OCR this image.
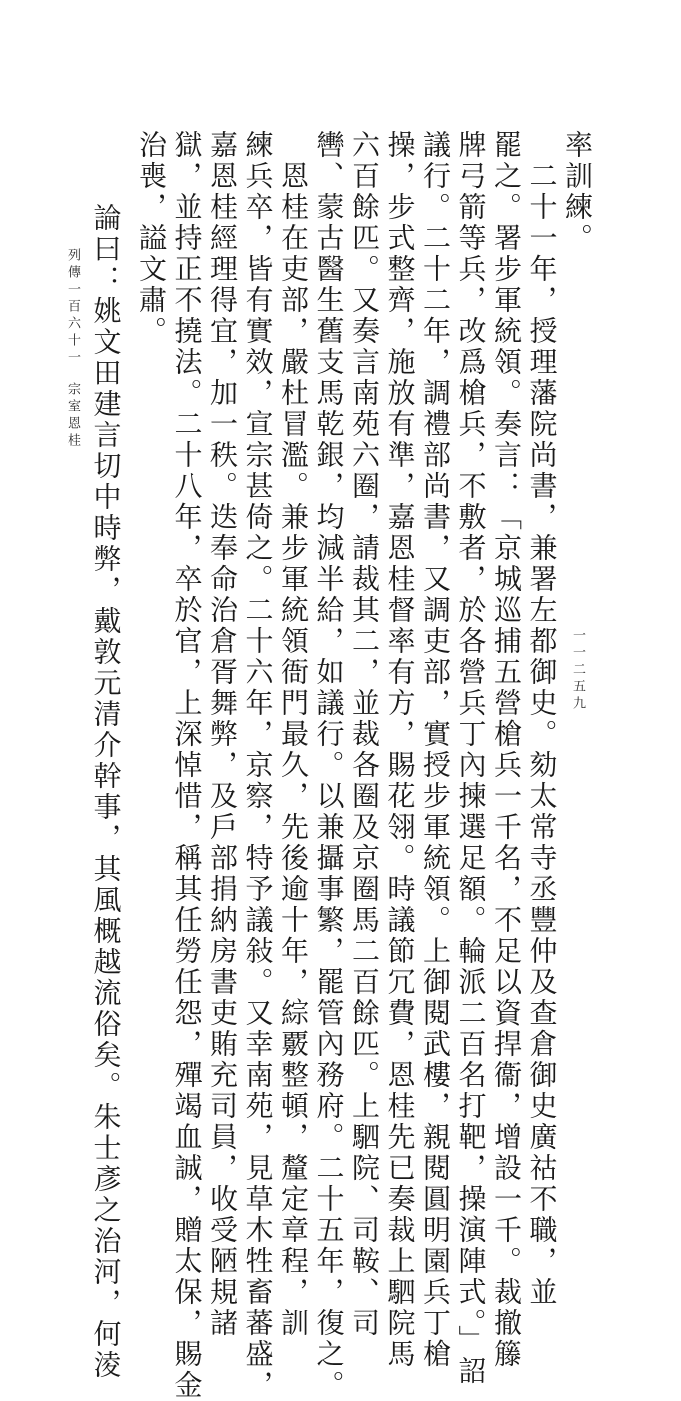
率訓練。
　二十一年，授理藩院尚書，兼署左都御史。劾太常寺丞豐仲及查倉御史廣祜不職，並
罷之。署步軍統領。奏言：「京城巡捕五營槍兵一千名，不足以資捍衞，增設一千。裁撤籐
牌弓箭等兵，改爲槍兵，不敷者，於各營兵丁內揀選足額。輪派二百名打靶，操演陣式。」詔
議行。二十二年，調禮部尚書，又調吏部，實授步軍統領。上御閱武樓，親閱圓明園兵丁槍
操，步式整齊，施放有準，嘉恩桂督率有方，賜花翎。時議節冗費，恩桂先已奏裁上駟院馬
六百餘匹。又奏言南苑六圈，請裁其二，並裁各圈及京圈馬二百餘匹。上駟院、司鞍、司
轡、蒙古醫生舊支馬乾銀，均減半給，如議行。以兼攝事繁，罷管內務府。二十五年，復之。
　恩桂在吏部，嚴杜冒濫。兼步軍統領衙門最久，先後逾十年，綜覈整頓，釐定章程，訓
練兵卒，皆有實效，宣宗甚倚之。二十六年，京察，特予議敍。又幸南苑，見草木牲畜蕃盛，
嘉恩桂經理得宜，加一秩。迭奉命治倉胥舞弊，及戶部捐納房書吏賄充司員，收受陋規諸
獄，並持正不撓法。二十八年，卒於官，上深悼惜，稱其任勞任怨，殫竭血誠，贈太保，賜金
治喪，謚文肅。
　論曰：姚文田建言切中時弊，戴敦元清介幹事，其風概越流俗矣。朱士彥之治河，何淩
列傳一百六十一
宗室恩桂
一一二五九
